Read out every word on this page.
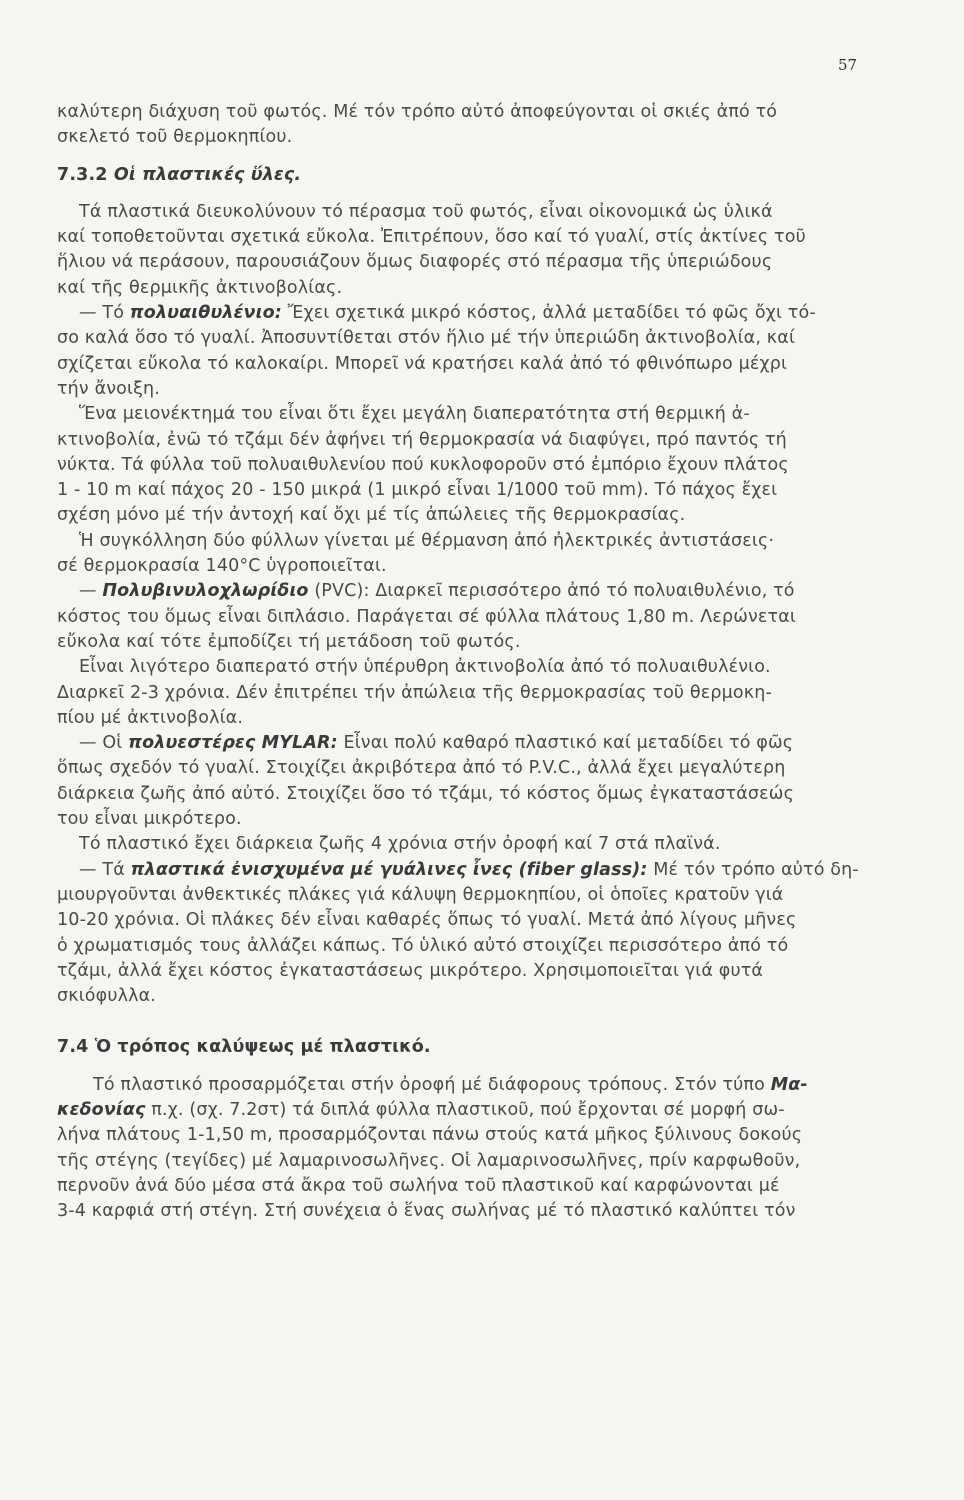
57
καλύτερη διάχυση τοῦ φωτός. Μέ τόν τρόπο αὐτό ἀποφεύγονται οἱ σκιές ἀπό τό
σκελετό τοῦ θερμοκηπίου.
7.3.2 Οἱ πλαστικές ὕλες.
Τά πλαστικά διευκολύνουν τό πέρασμα τοῦ φωτός, εἶναι οἰκονομικά ὡς ὑλικά
καί τοποθετοῦνται σχετικά εὔκολα. Ἐπιτρέπουν, ὅσο καί τό γυαλί, στίς ἀκτίνες τοῦ
ἥλιου νά περάσουν, παρουσιάζουν ὅμως διαφορές στό πέρασμα τῆς ὑπεριώδους
καί τῆς θερμικῆς ἀκτινοβολίας.
— Τό πολυαιθυλένιο: Ἔχει σχετικά μικρό κόστος, ἀλλά μεταδίδει τό φῶς ὄχι τό-
σο καλά ὅσο τό γυαλί. Ἀποσυντίθεται στόν ἥλιο μέ τήν ὑπεριώδη ἀκτινοβολία, καί
σχίζεται εὔκολα τό καλοκαίρι. Μπορεῖ νά κρατήσει καλά ἀπό τό φθινόπωρο μέχρι
τήν ἄνοιξη.
Ἕνα μειονέκτημά του εἶναι ὅτι ἔχει μεγάλη διαπερατότητα στή θερμική ἀ-
κτινοβολία, ἐνῶ τό τζάμι δέν ἀφήνει τή θερμοκρασία νά διαφύγει, πρό παντός τή
νύκτα. Τά φύλλα τοῦ πολυαιθυλενίου πού κυκλοφοροῦν στό ἐμπόριο ἔχουν πλάτος
1 - 10 m καί πάχος 20 - 150 μικρά (1 μικρό εἶναι 1/1000 τοῦ mm). Τό πάχος ἔχει
σχέση μόνο μέ τήν ἀντοχή καί ὄχι μέ τίς ἀπώλειες τῆς θερμοκρασίας.
Ἡ συγκόλληση δύο φύλλων γίνεται μέ θέρμανση ἀπό ἠλεκτρικές ἀντιστάσεις·
σέ θερμοκρασία 140°C ὑγροποιεῖται.
— Πολυβινυλοχλωρίδιο (PVC): Διαρκεῖ περισσότερο ἀπό τό πολυαιθυλένιο, τό
κόστος του ὅμως εἶναι διπλάσιο. Παράγεται σέ φύλλα πλάτους 1,80 m. Λερώνεται
εὔκολα καί τότε ἐμποδίζει τή μετάδοση τοῦ φωτός.
Εἶναι λιγότερο διαπερατό στήν ὑπέρυθρη ἀκτινοβολία ἀπό τό πολυαιθυλένιο.
Διαρκεῖ 2-3 χρόνια. Δέν ἐπιτρέπει τήν ἀπώλεια τῆς θερμοκρασίας τοῦ θερμοκη-
πίου μέ ἀκτινοβολία.
— Οἱ πολυεστέρες MYLAR: Εἶναι πολύ καθαρό πλαστικό καί μεταδίδει τό φῶς
ὅπως σχεδόν τό γυαλί. Στοιχίζει ἀκριβότερα ἀπό τό P.V.C., ἀλλά ἔχει μεγαλύτερη
διάρκεια ζωῆς ἀπό αὐτό. Στοιχίζει ὅσο τό τζάμι, τό κόστος ὅμως ἐγκαταστάσεώς
του εἶναι μικρότερο.
Τό πλαστικό ἔχει διάρκεια ζωῆς 4 χρόνια στήν ὀροφή καί 7 στά πλαϊνά.
— Τά πλαστικά ἐνισχυμένα μέ γυάλινες ἶνες (fiber glass): Μέ τόν τρόπο αὐτό δη-
μιουργοῦνται ἀνθεκτικές πλάκες γιά κάλυψη θερμοκηπίου, οἱ ὁποῖες κρατοῦν γιά
10-20 χρόνια. Οἱ πλάκες δέν εἶναι καθαρές ὅπως τό γυαλί. Μετά ἀπό λίγους μῆνες
ὁ χρωματισμός τους ἀλλάζει κάπως. Τό ὑλικό αὐτό στοιχίζει περισσότερο ἀπό τό
τζάμι, ἀλλά ἔχει κόστος ἐγκαταστάσεως μικρότερο. Χρησιμοποιεῖται γιά φυτά
σκιόφυλλα.
7.4 Ὁ τρόπος καλύψεως μέ πλαστικό.
Τό πλαστικό προσαρμόζεται στήν ὀροφή μέ διάφορους τρόπους. Στόν τύπο Μα-
κεδονίας π.χ. (σχ. 7.2στ) τά διπλά φύλλα πλαστικοῦ, πού ἔρχονται σέ μορφή σω-
λήνα πλάτους 1-1,50 m, προσαρμόζονται πάνω στούς κατά μῆκος ξύλινους δοκούς
τῆς στέγης (τεγίδες) μέ λαμαρινοσωλῆνες. Οἱ λαμαρινοσωλῆνες, πρίν καρφωθοῦν,
περνοῦν ἀνά δύο μέσα στά ἄκρα τοῦ σωλήνα τοῦ πλαστικοῦ καί καρφώνονται μέ
3-4 καρφιά στή στέγη. Στή συνέχεια ὁ ἕνας σωλήνας μέ τό πλαστικό καλύπτει τόν
